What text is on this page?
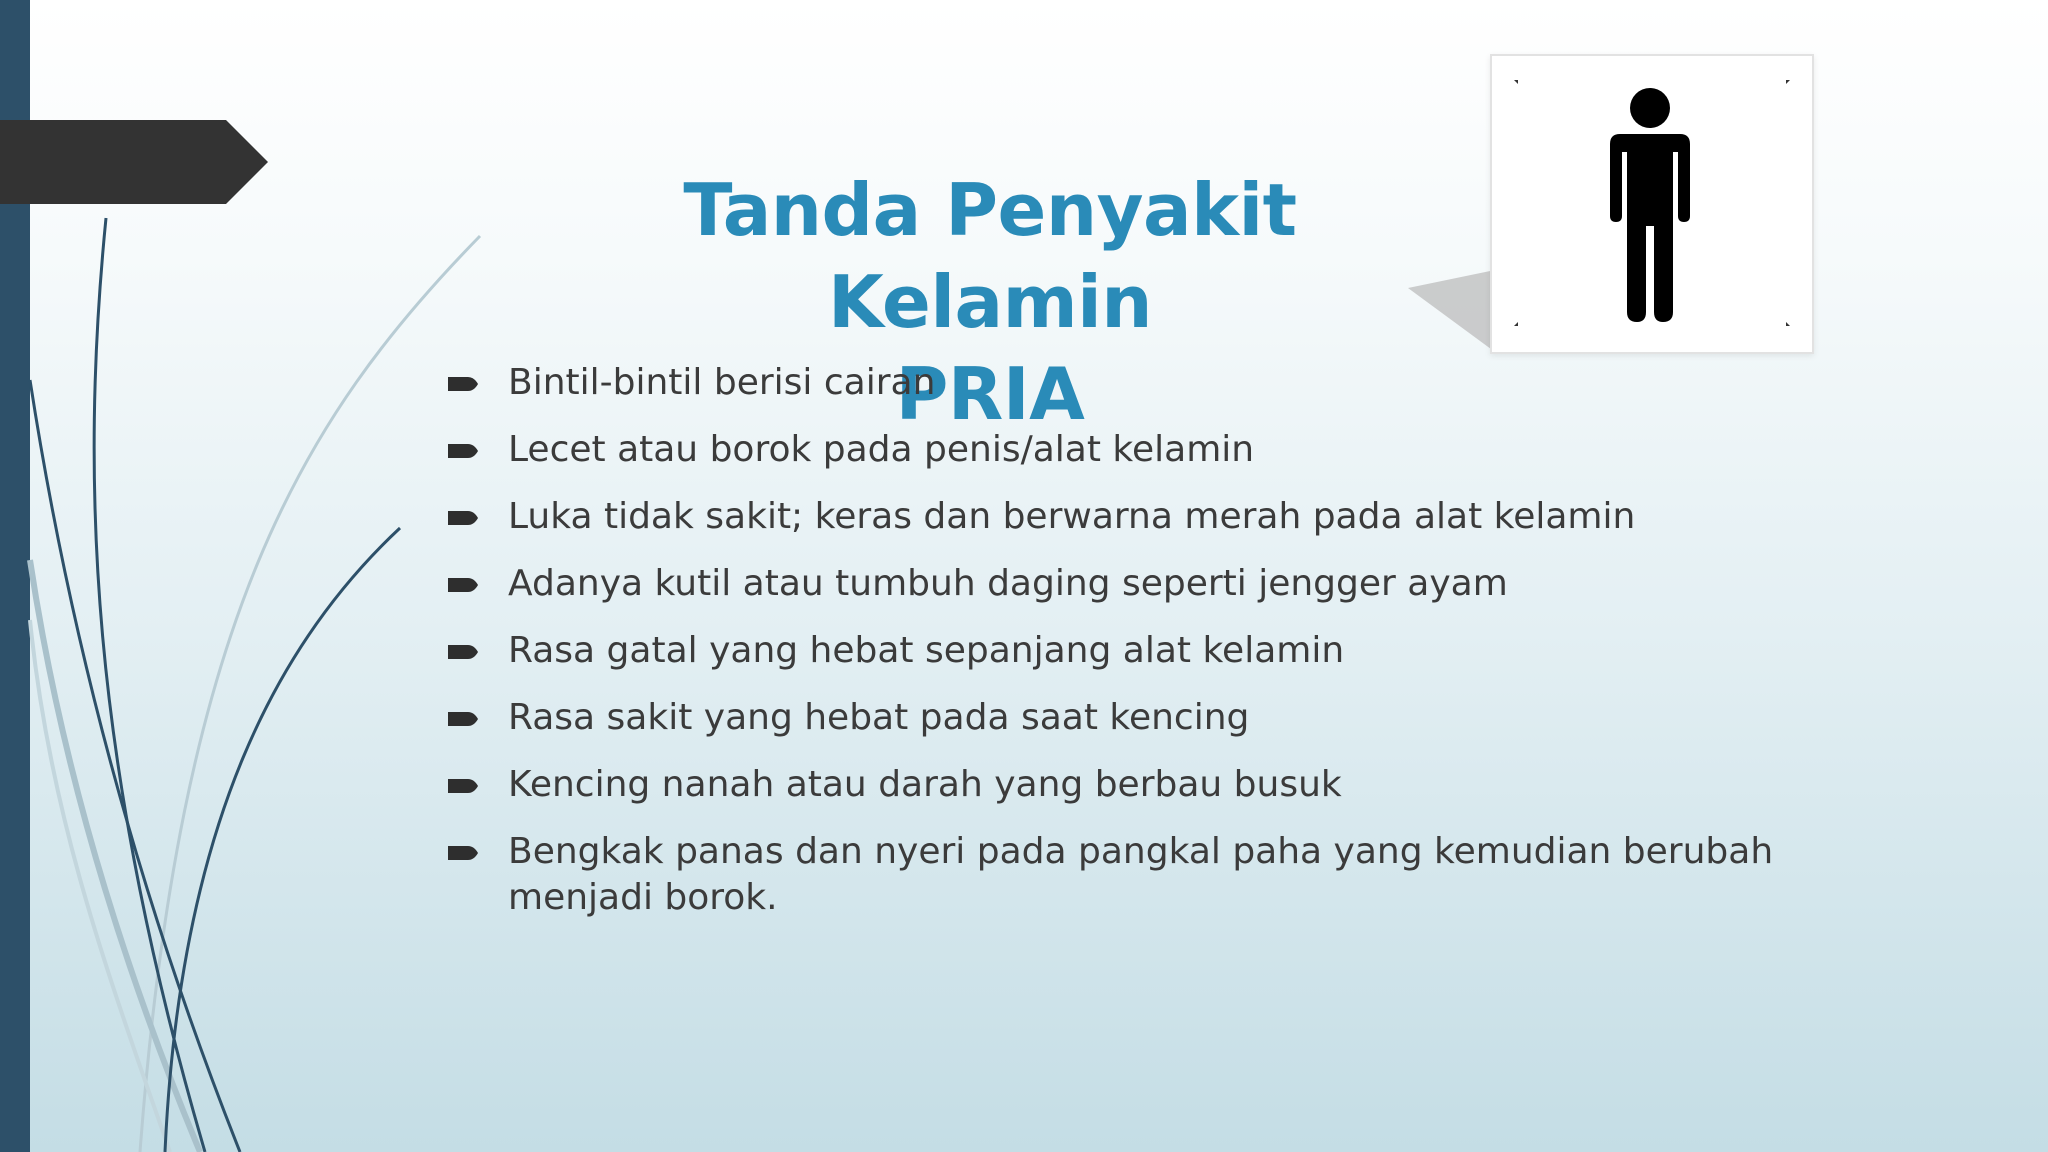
Tanda Penyakit Kelamin
PRIA
Bintil-bintil berisi cairan
Lecet atau borok pada penis/alat kelamin
Luka tidak sakit; keras dan berwarna merah pada alat kelamin
Adanya kutil atau tumbuh daging seperti jengger ayam
Rasa gatal yang hebat sepanjang alat kelamin
Rasa sakit yang hebat pada saat kencing
Kencing nanah atau darah yang berbau busuk
Bengkak panas dan nyeri pada pangkal paha yang kemudian berubah menjadi borok.
